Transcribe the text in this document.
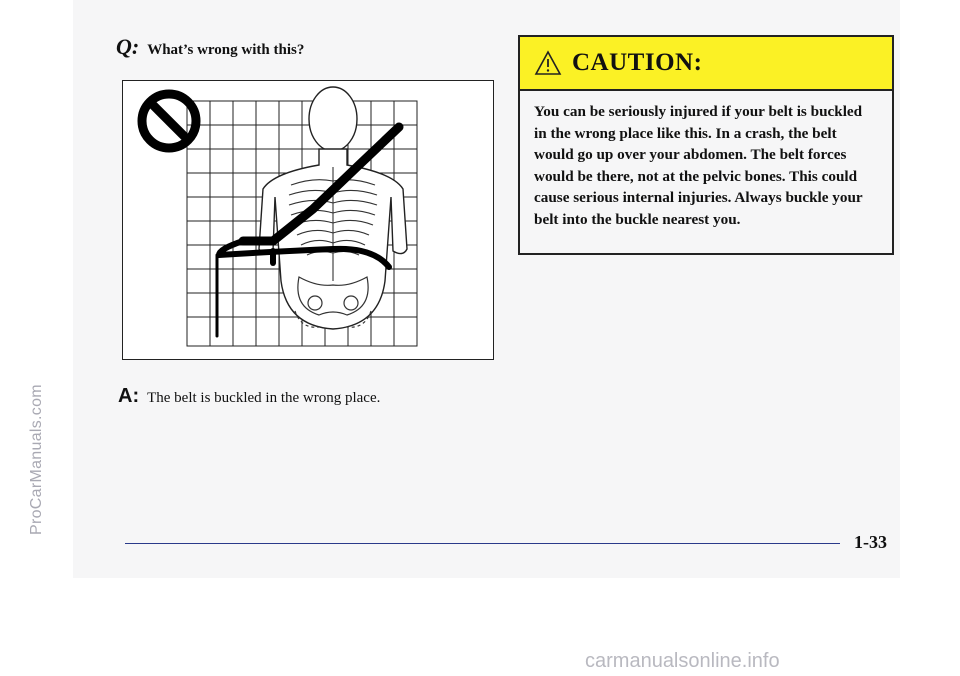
ProCarManuals.com
Q: What’s wrong with this?
A: The belt is buckled in the wrong place.
CAUTION:
You can be seriously injured if your belt is buckled in the wrong place like this. In a crash, the belt would go up over your abdomen. The belt forces would be there, not at the pelvic bones. This could cause serious internal injuries. Always buckle your belt into the buckle nearest you.
1-33
carmanualsonline.info
